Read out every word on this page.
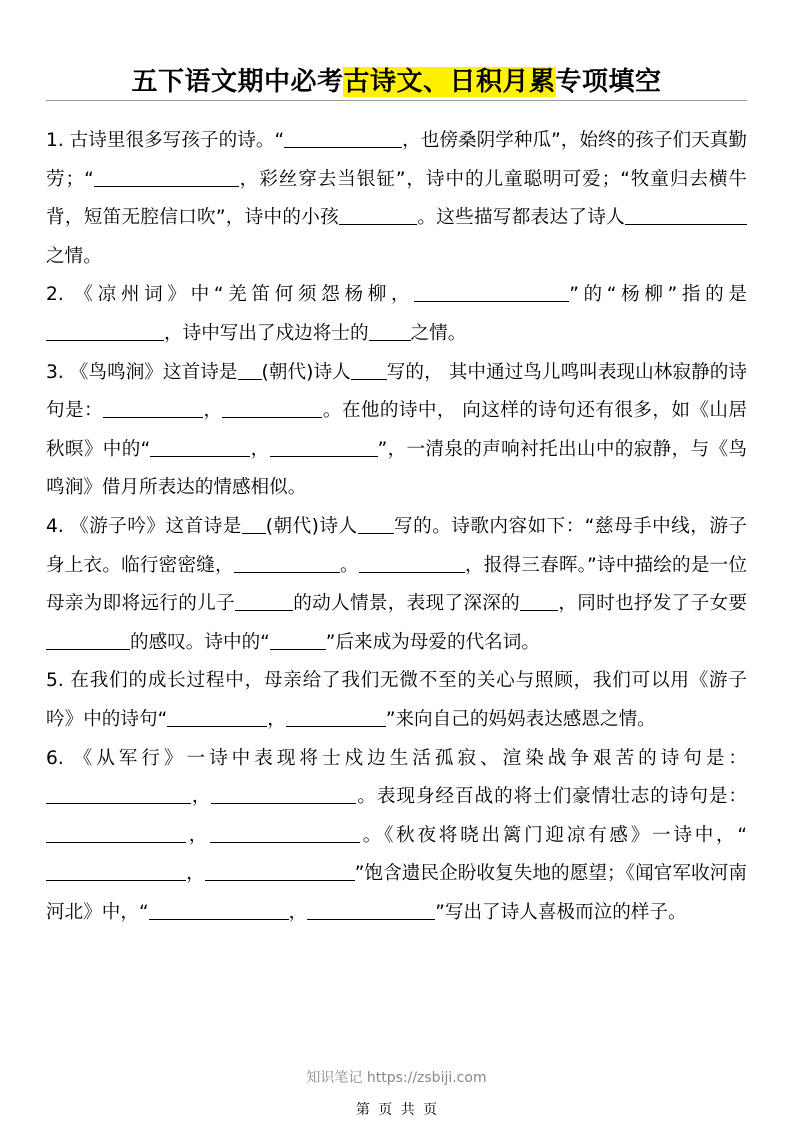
五下语文期中必考古诗文、日积月累专项填空

1. 古诗里很多写孩子的诗。“	，也傍桑阴学种瓜”，始终的孩子们天真勤劳；“	，彩丝穿去当银钲”，诗中的儿童聪明可爱；“牧童归去横牛背，短笛无腔信口吹”，诗中的小孩	。这些描写都表达了诗人之情。

2. 《凉州词》中“羌笛何须怨杨柳，	”的“杨柳”指的是，诗中写出了戍边将士的 之情。

3. 《鸟鸣涧》这首诗是 (朝代)诗人 写的， 其中通过鸟儿鸣叫表现山林寂静的诗句是：	，	。在他的诗中， 向这样的诗句还有很多，如《山居秋暝》中的“	，	”，一清泉的声响衬托出山中的寂静，与《鸟鸣涧》借月所表达的情感相似。

4. 《游子吟》这首诗是 (朝代)诗人 写的。诗歌内容如下：“慈母手中线，游子身上衣。临行密密缝，	。	，报得三春晖。”诗中描绘的是一位母亲为即将远行的儿子	的动人情景，表现了深深的 ，同时也抒发了子女要的感叹。诗中的“	”后来成为母爱的代名词。

5. 在我们的成长过程中，母亲给了我们无微不至的关心与照顾，我们可以用《游子吟》中的诗句“	，	”来向自己的妈妈表达感恩之情。

6. 《从军行》一诗中表现将士戍边生活孤寂、渲染战争艰苦的诗句是：，	。表现身经百战的将士们豪情壮志的诗句是：，	。《秋夜将晓出篱门迎凉有感》一诗中，“，	”饱含遗民企盼收复失地的愿望；《闻官军收河南河北》中，“	，	”写出了诗人喜极而泣的样子。

知识笔记 https://zsbiji.com
第 页 共 页
